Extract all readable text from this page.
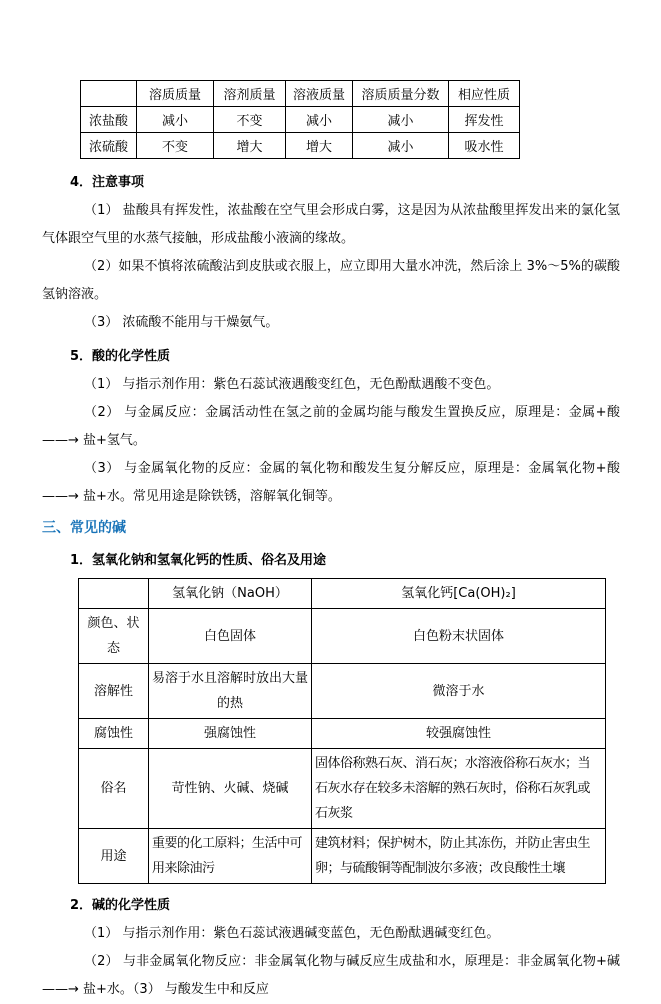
	溶质质量	溶剂质量	溶液质量	溶质质量分数	相应性质
浓盐酸	减小	不变	减小	减小	挥发性
浓硫酸	不变	增大	增大	减小	吸水性
4．注意事项

（1） 盐酸具有挥发性，浓盐酸在空气里会形成白雾，这是因为从浓盐酸里挥发出来的氯化氢气体跟空气里的水蒸气接触，形成盐酸小液滴的缘故。

（2）如果不慎将浓硫酸沾到皮肤或衣服上，应立即用大量水冲洗，然后涂上 3%～5%的碳酸氢钠溶液。

（3） 浓硫酸不能用与干燥氨气。

5．酸的化学性质

（1） 与指示剂作用：紫色石蕊试液遇酸变红色，无色酚酞遇酸不变色。

（2） 与金属反应：金属活动性在氢之前的金属均能与酸发生置换反应，原理是：金属+酸 ——→ 盐+氢气。

（3） 与金属氧化物的反应：金属的氧化物和酸发生复分解反应，原理是：金属氧化物+酸 ——→ 盐+水。常见用途是除铁锈，溶解氧化铜等。

三、常见的碱
1．氢氧化钠和氢氧化钙的性质、俗名及用途
	氢氧化钠（NaOH）	氢氧化钙[Ca(OH)₂]
颜色、状态	白色固体	白色粉末状固体
溶解性	易溶于水且溶解时放出大量的热	微溶于水
腐蚀性	强腐蚀性	较强腐蚀性
俗名	苛性钠、火碱、烧碱	固体俗称熟石灰、消石灰；水溶液俗称石灰水；当石灰水存在较多未溶解的熟石灰时，俗称石灰乳或石灰浆
用途	重要的化工原料；生活中可用来除油污	建筑材料；保护树木，防止其冻伤，并防止害虫生卵；与硫酸铜等配制波尔多液；改良酸性土壤
2．碱的化学性质

（1） 与指示剂作用：紫色石蕊试液遇碱变蓝色，无色酚酞遇碱变红色。

（2） 与非金属氧化物反应：非金属氧化物与碱反应生成盐和水，原理是：非金属氧化物+碱 ——→ 盐+水。（3） 与酸发生中和反应
